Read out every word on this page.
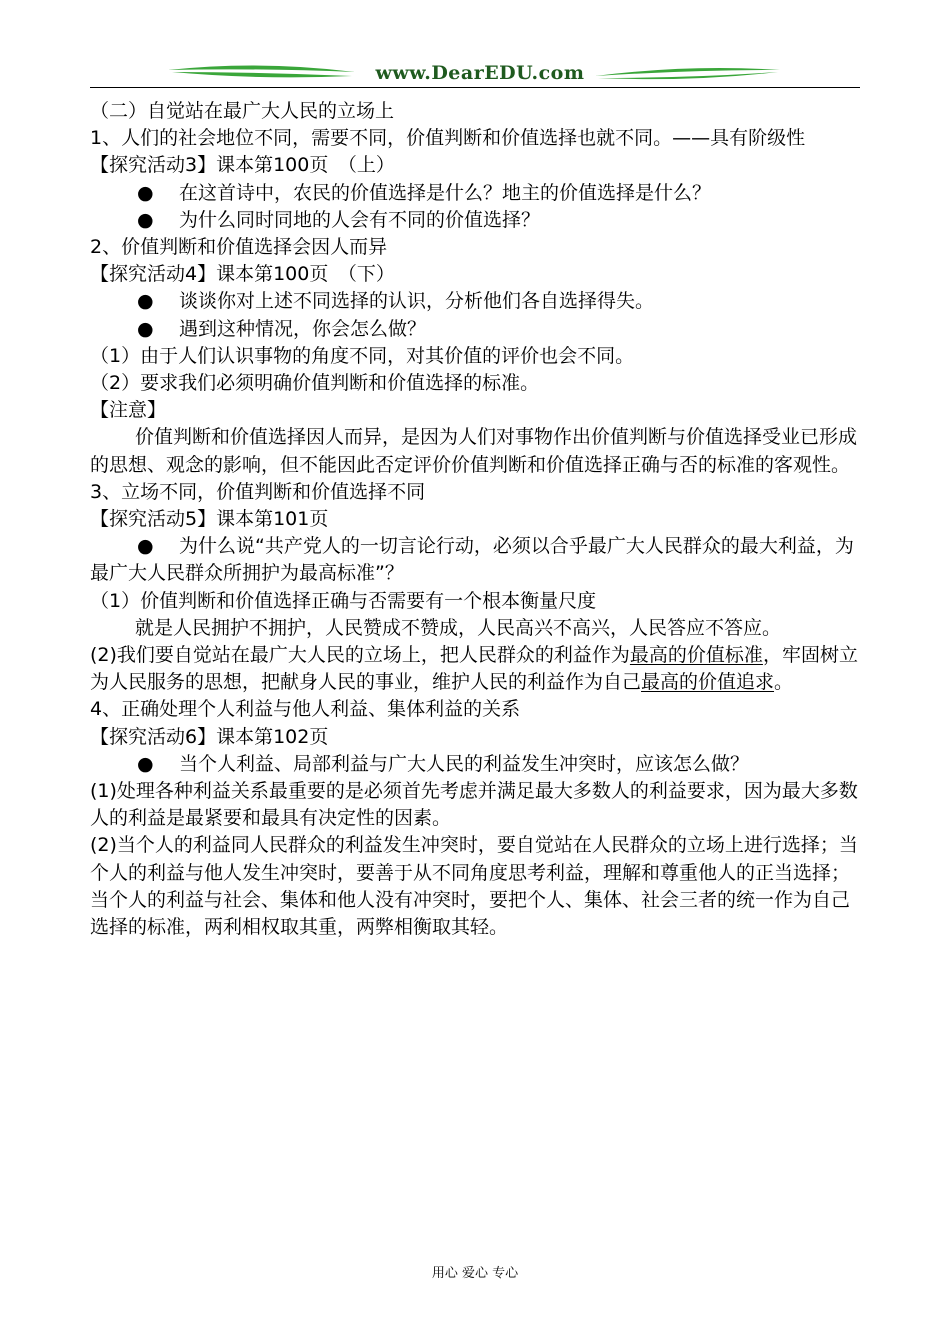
www.DearEDU.com

（二）自觉站在最广大人民的立场上

1、人们的社会地位不同，需要不同，价值判断和价值选择也就不同。——具有阶级性

【探究活动3】课本第100页　（上）

● 在这首诗中，农民的价值选择是什么？地主的价值选择是什么？

● 为什么同时同地的人会有不同的价值选择？

2、价值判断和价值选择会因人而异

【探究活动4】课本第100页　（下）

● 谈谈你对上述不同选择的认识，分析他们各自选择得失。

● 遇到这种情况，你会怎么做？

（1）由于人们认识事物的角度不同，对其价值的评价也会不同。

（2）要求我们必须明确价值判断和价值选择的标准。

【注意】

价值判断和价值选择因人而异，是因为人们对事物作出价值判断与价值选择受业已形成的思想、观念的影响，但不能因此否定评价价值判断和价值选择正确与否的标准的客观性。

3、立场不同，价值判断和价值选择不同

【探究活动5】课本第101页

● 为什么说“共产党人的一切言论行动，必须以合乎最广大人民群众的最大利益，为最广大人民群众所拥护为最高标准”？

（1）价值判断和价值选择正确与否需要有一个根本衡量尺度

就是人民拥护不拥护，人民赞成不赞成，人民高兴不高兴，人民答应不答应。

(2)我们要自觉站在最广大人民的立场上，把人民群众的利益作为最高的价值标准，牢固树立为人民服务的思想，把献身人民的事业，维护人民的利益作为自己最高的价值追求。

4、正确处理个人利益与他人利益、集体利益的关系

【探究活动6】课本第102页

● 当个人利益、局部利益与广大人民的利益发生冲突时，应该怎么做？

(1)处理各种利益关系最重要的是必须首先考虑并满足最大多数人的利益要求，因为最大多数人的利益是最紧要和最具有决定性的因素。

(2)当个人的利益同人民群众的利益发生冲突时，要自觉站在人民群众的立场上进行选择；当个人的利益与他人发生冲突时，要善于从不同角度思考利益，理解和尊重他人的正当选择；当个人的利益与社会、集体和他人没有冲突时，要把个人、集体、社会三者的统一作为自己选择的标准，两利相权取其重，两弊相衡取其轻。

用心 爱心 专心
